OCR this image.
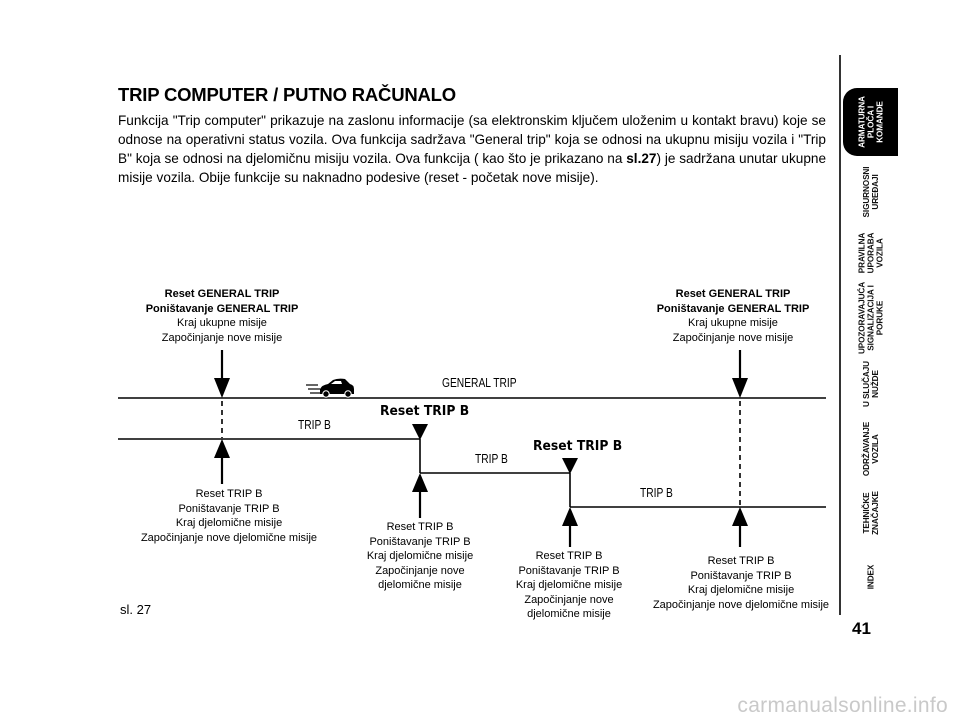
TRIP COMPUTER / PUTNO RAČUNALO
Funkcija "Trip computer" prikazuje na zaslonu informacije (sa elektronskim ključem uloženim u kontakt bravu) koje se odnose na operativni status vozila. Ova funkcija sadržava "General trip" koja se odnosi na ukupnu misiju vozila i "Trip B" koja se odnosi na djelomičnu misiju vozila. Ova funkcija ( kao što je prikazano na sl.27) je sadržana unutar ukupne misije vozila. Obije funkcije su naknadno podesive (reset - početak nove misije).
GENERAL TRIP
TRIP B
TRIP B
TRIP B
Reset TRIP B
Reset TRIP B
Reset GENERAL TRIP
Poništavanje GENERAL TRIP
Kraj ukupne misije
Započinjanje nove misije
Reset GENERAL TRIP
Poništavanje GENERAL TRIP
Kraj ukupne misije
Započinjanje nove misije
Reset TRIP B
Poništavanje TRIP B
Kraj djelomične misije
Započinjanje nove djelomične misije
Reset TRIP B
Poništavanje TRIP B
Kraj djelomične misije
Započinjanje nove
djelomične misije
Reset TRIP B
Poništavanje TRIP B
Kraj djelomične misije
Započinjanje nove
djelomične misije
Reset TRIP B
Poništavanje TRIP B
Kraj djelomične misije
Započinjanje nove djelomične misije
sl. 27
ARMATURNA PLOČA I KOMANDE
SIGURNOSNI UREĐAJI
PRAVILNA UPORABA VOZILA
UPOZORAVAJUĆA SIGNALIZACIJA I PORUKE
U SLUČAJU NUŽDE
ODRŽAVANJE VOZILA
TEHNIČKE ZNAČAJKE
INDEX
41
carmanualsonline.info
